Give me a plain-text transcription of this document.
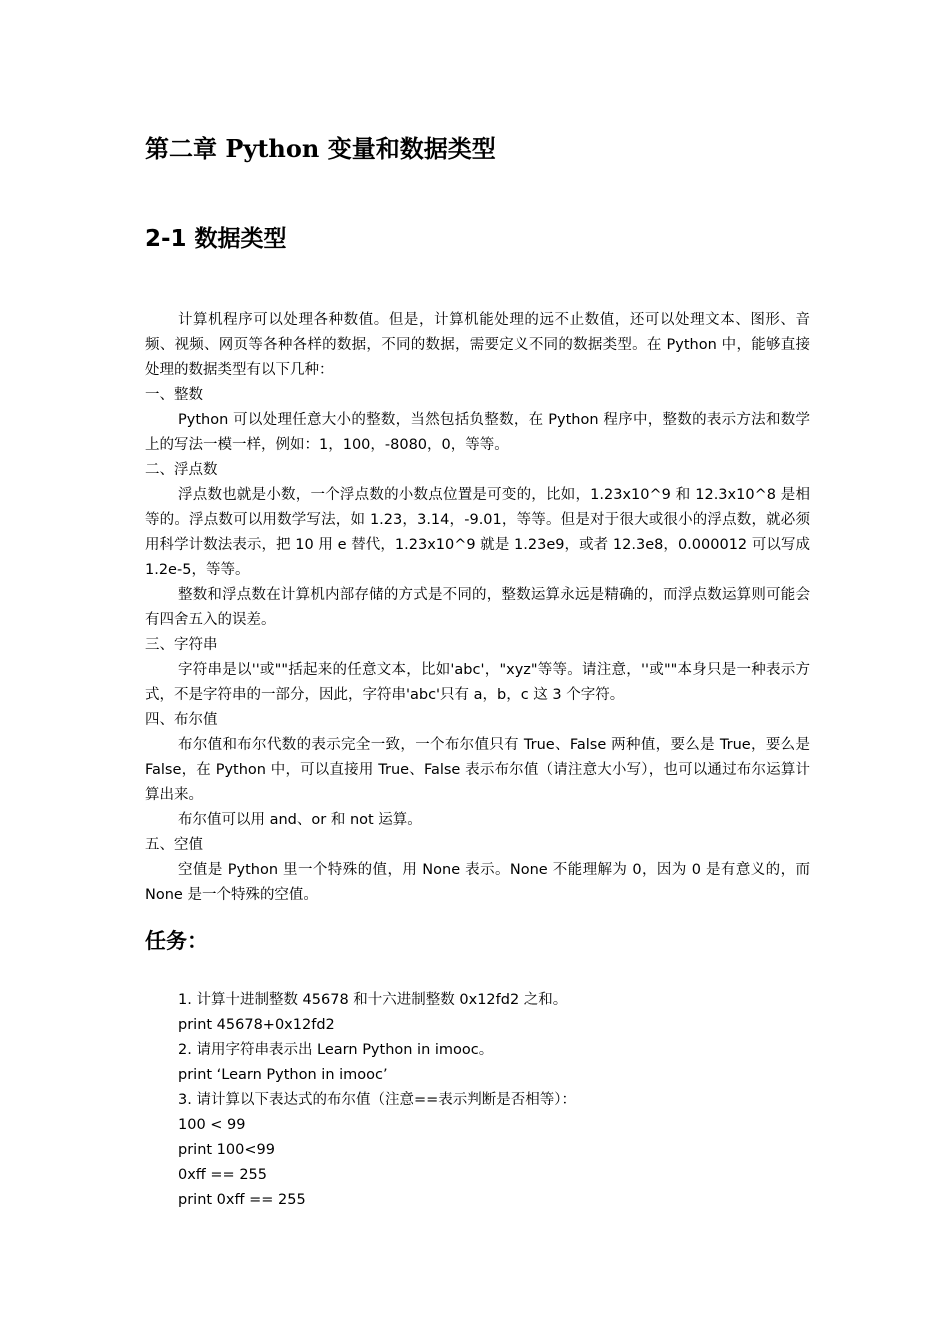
第二章 Python 变量和数据类型
2-1 数据类型

计算机程序可以处理各种数值。但是，计算机能处理的远不止数值，还可以处理文本、图形、音频、视频、网页等各种各样的数据，不同的数据，需要定义不同的数据类型。在 Python 中，能够直接处理的数据类型有以下几种：

一、整数

Python 可以处理任意大小的整数，当然包括负整数，在 Python 程序中，整数的表示方法和数学上的写法一模一样，例如：1，100，-8080，0，等等。

二、浮点数

浮点数也就是小数，一个浮点数的小数点位置是可变的，比如，1.23x10^9 和 12.3x10^8 是相等的。浮点数可以用数学写法，如 1.23，3.14，-9.01，等等。但是对于很大或很小的浮点数，就必须用科学计数法表示，把 10 用 e 替代，1.23x10^9 就是 1.23e9，或者 12.3e8，0.000012 可以写成 1.2e-5，等等。

整数和浮点数在计算机内部存储的方式是不同的，整数运算永远是精确的，而浮点数运算则可能会有四舍五入的误差。

三、字符串

字符串是以''或""括起来的任意文本，比如'abc'，"xyz"等等。请注意，''或""本身只是一种表示方式，不是字符串的一部分，因此，字符串'abc'只有 a，b，c 这 3 个字符。

四、布尔值

布尔值和布尔代数的表示完全一致，一个布尔值只有 True、False 两种值，要么是 True，要么是 False，在 Python 中，可以直接用 True、False 表示布尔值（请注意大小写），也可以通过布尔运算计算出来。

布尔值可以用 and、or 和 not 运算。

五、空值

空值是 Python 里一个特殊的值，用 None 表示。None 不能理解为 0，因为 0 是有意义的，而 None 是一个特殊的空值。

任务：
1. 计算十进制整数 45678 和十六进制整数 0x12fd2 之和。
print 45678+0x12fd2
2. 请用字符串表示出 Learn Python in imooc。
print ‘Learn Python in imooc’
3. 请计算以下表达式的布尔值（注意==表示判断是否相等）：
100 < 99
print 100<99
0xff == 255
print 0xff == 255
